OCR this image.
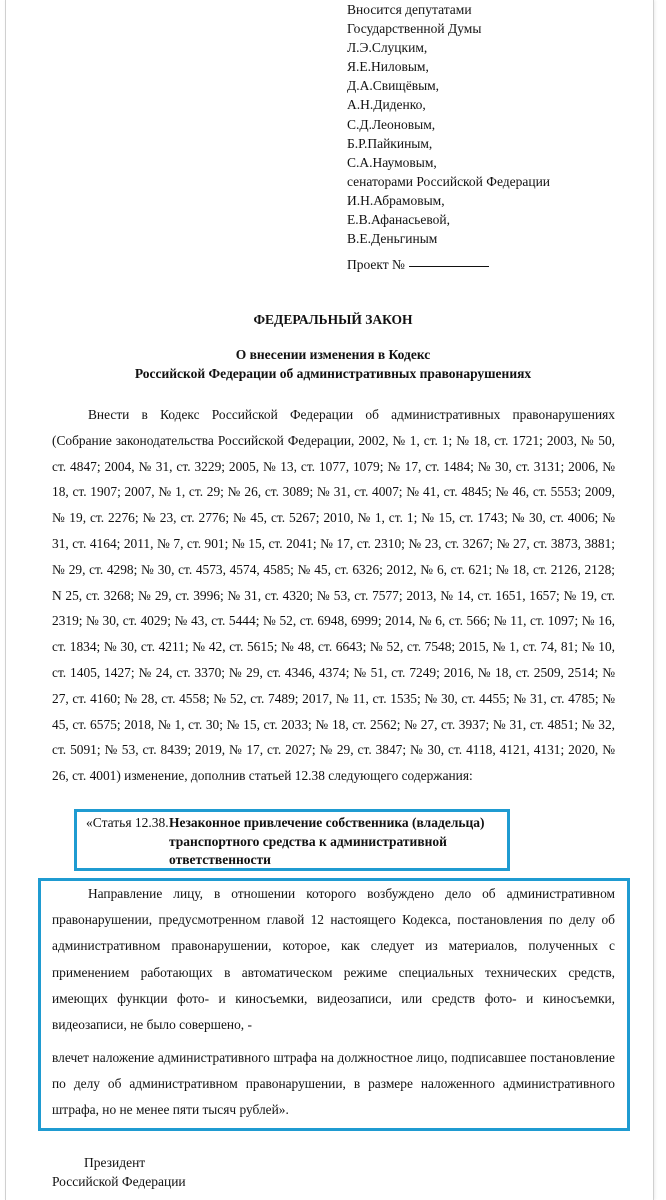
Вносится депутатами
Государственной Думы
Л.Э.Слуцким,
Я.Е.Ниловым,
Д.А.Свищёвым,
А.Н.Диденко,
С.Д.Леоновым,
Б.Р.Пайкиным,
С.А.Наумовым,
сенаторами Российской Федерации
И.Н.Абрамовым,
Е.В.Афанасьевой,
В.Е.Деньгиным
Проект №
ФЕДЕРАЛЬНЫЙ ЗАКОН
О внесении изменения в Кодекс
Российской Федерации об административных правонарушениях
Внести в Кодекс Российской Федерации об административных правонарушениях (Собрание законодательства Российской Федерации, 2002, № 1, ст. 1; № 18, ст. 1721; 2003, № 50, ст. 4847; 2004, № 31, ст. 3229; 2005, № 13, ст. 1077, 1079; № 17, ст. 1484; № 30, ст. 3131; 2006, № 18, ст. 1907; 2007, № 1, ст. 29; № 26, ст. 3089; № 31, ст. 4007; № 41, ст. 4845; № 46, ст. 5553; 2009, № 19, ст. 2276; № 23, ст. 2776; № 45, ст. 5267; 2010, № 1, ст. 1; № 15, ст. 1743; № 30, ст. 4006; № 31, ст. 4164; 2011, № 7, ст. 901; № 15, ст. 2041; № 17, ст. 2310; № 23, ст. 3267; № 27, ст. 3873, 3881; № 29, ст. 4298; № 30, ст. 4573, 4574, 4585; № 45, ст. 6326; 2012, № 6, ст. 621; № 18, ст. 2126, 2128; N 25, ст. 3268; № 29, ст. 3996; № 31, ст. 4320; № 53, ст. 7577; 2013, № 14, ст. 1651, 1657; № 19, ст. 2319; № 30, ст. 4029; № 43, ст. 5444; № 52, ст. 6948, 6999; 2014, № 6, ст. 566; № 11, ст. 1097; № 16, ст. 1834; № 30, ст. 4211; № 42, ст. 5615; № 48, ст. 6643; № 52, ст. 7548; 2015, № 1, ст. 74, 81; № 10, ст. 1405, 1427; № 24, ст. 3370; № 29, ст. 4346, 4374; № 51, ст. 7249; 2016, № 18, ст. 2509, 2514; № 27, ст. 4160; № 28, ст. 4558; № 52, ст. 7489; 2017, № 11, ст. 1535; № 30, ст. 4455; № 31, ст. 4785; № 45, ст. 6575; 2018, № 1, ст. 30; № 15, ст. 2033; № 18, ст. 2562; № 27, ст. 3937; № 31, ст. 4851; № 32, ст. 5091; № 53, ст. 8439; 2019, № 17, ст. 2027; № 29, ст. 3847; № 30, ст. 4118, 4121, 4131; 2020, № 26, ст. 4001) изменение, дополнив статьей 12.38 следующего содержания:
«Статья 12.38. Незаконное привлечение собственника (владельца) транспортного средства к административной ответственности
Направление лицу, в отношении которого возбуждено дело об административном правонарушении, предусмотренном главой 12 настоящего Кодекса, постановления по делу об административном правонарушении, которое, как следует из материалов, полученных с применением работающих в автоматическом режиме специальных технических средств, имеющих функции фото- и киносъемки, видеозаписи, или средств фото- и киносъемки, видеозаписи, не было совершено, -
влечет наложение административного штрафа на должностное лицо, подписавшее постановление по делу об административном правонарушении, в размере наложенного административного штрафа, но не менее пяти тысяч рублей».
Президент
Российской Федерации
